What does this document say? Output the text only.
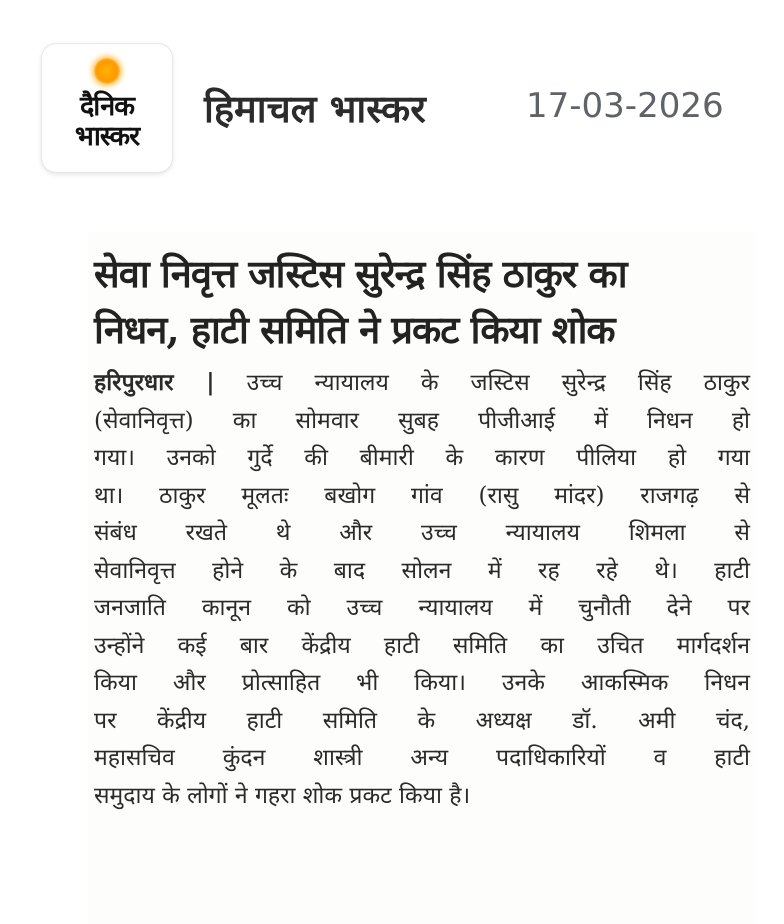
दैनिक
भास्कर
हिमाचल भास्कर	17-03-2026
सेवा निवृत्त जस्टिस सुरेन्द्र सिंह ठाकुर का
निधन, हाटी समिति ने प्रकट किया शोक
हरिपुरधार | उच्च न्यायालय के जस्टिस सुरेन्द्र सिंह ठाकुर
(सेवानिवृत्त) का सोमवार सुबह पीजीआई में निधन हो
गया। उनको गुर्दे की बीमारी के कारण पीलिया हो गया
था। ठाकुर मूलतः बखोग गांव (रासु मांदर) राजगढ़ से
संबंध रखते थे और उच्च न्यायालय शिमला से
सेवानिवृत्त होने के बाद सोलन में रह रहे थे। हाटी
जनजाति कानून को उच्च न्यायालय में चुनौती देने पर
उन्होंने कई बार केंद्रीय हाटी समिति का उचित मार्गदर्शन
किया और प्रोत्साहित भी किया। उनके आकस्मिक निधन
पर केंद्रीय हाटी समिति के अध्यक्ष डॉ. अमी चंद,
महासचिव कुंदन शास्त्री अन्य पदाधिकारियों व हाटी
समुदाय के लोगों ने गहरा शोक प्रकट किया है।
